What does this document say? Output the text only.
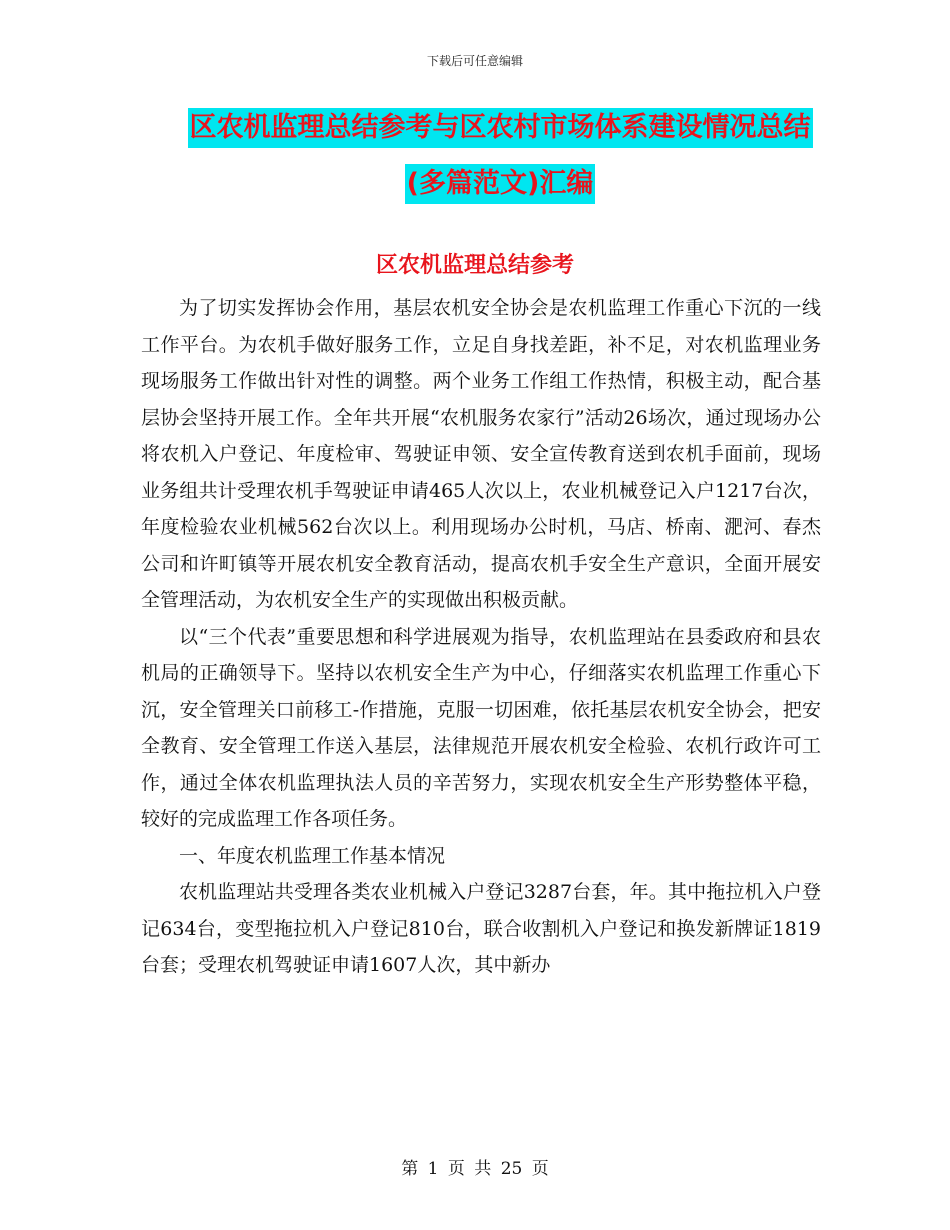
下载后可任意编辑
区农机监理总结参考与区农村市场体系建设情况总结
(多篇范文)汇编
区农机监理总结参考

为了切实发挥协会作用，基层农机安全协会是农机监理工作重心下沉的一线工作平台。为农机手做好服务工作，立足自身找差距，补不足，对农机监理业务现场服务工作做出针对性的调整。两个业务工作组工作热情，积极主动，配合基层协会坚持开展工作。全年共开展“农机服务农家行”活动26场次，通过现场办公将农机入户登记、年度检审、驾驶证申领、安全宣传教育送到农机手面前，现场业务组共计受理农机手驾驶证申请465人次以上，农业机械登记入户1217台次，年度检验农业机械562台次以上。利用现场办公时机，马店、桥南、淝河、春杰公司和许町镇等开展农机安全教育活动，提高农机手安全生产意识，全面开展安全管理活动，为农机安全生产的实现做出积极贡献。

以“三个代表”重要思想和科学进展观为指导，农机监理站在县委政府和县农机局的正确领导下。坚持以农机安全生产为中心，仔细落实农机监理工作重心下沉，安全管理关口前移工-作措施，克服一切困难，依托基层农机安全协会，把安全教育、安全管理工作送入基层，法律规范开展农机安全检验、农机行政许可工作，通过全体农机监理执法人员的辛苦努力，实现农机安全生产形势整体平稳，较好的完成监理工作各项任务。

一、年度农机监理工作基本情况

农机监理站共受理各类农业机械入户登记3287台套，年。其中拖拉机入户登记634台，变型拖拉机入户登记810台，联合收割机入户登记和换发新牌证1819台套；受理农机驾驶证申请1607人次，其中新办

第 1 页 共 25 页
